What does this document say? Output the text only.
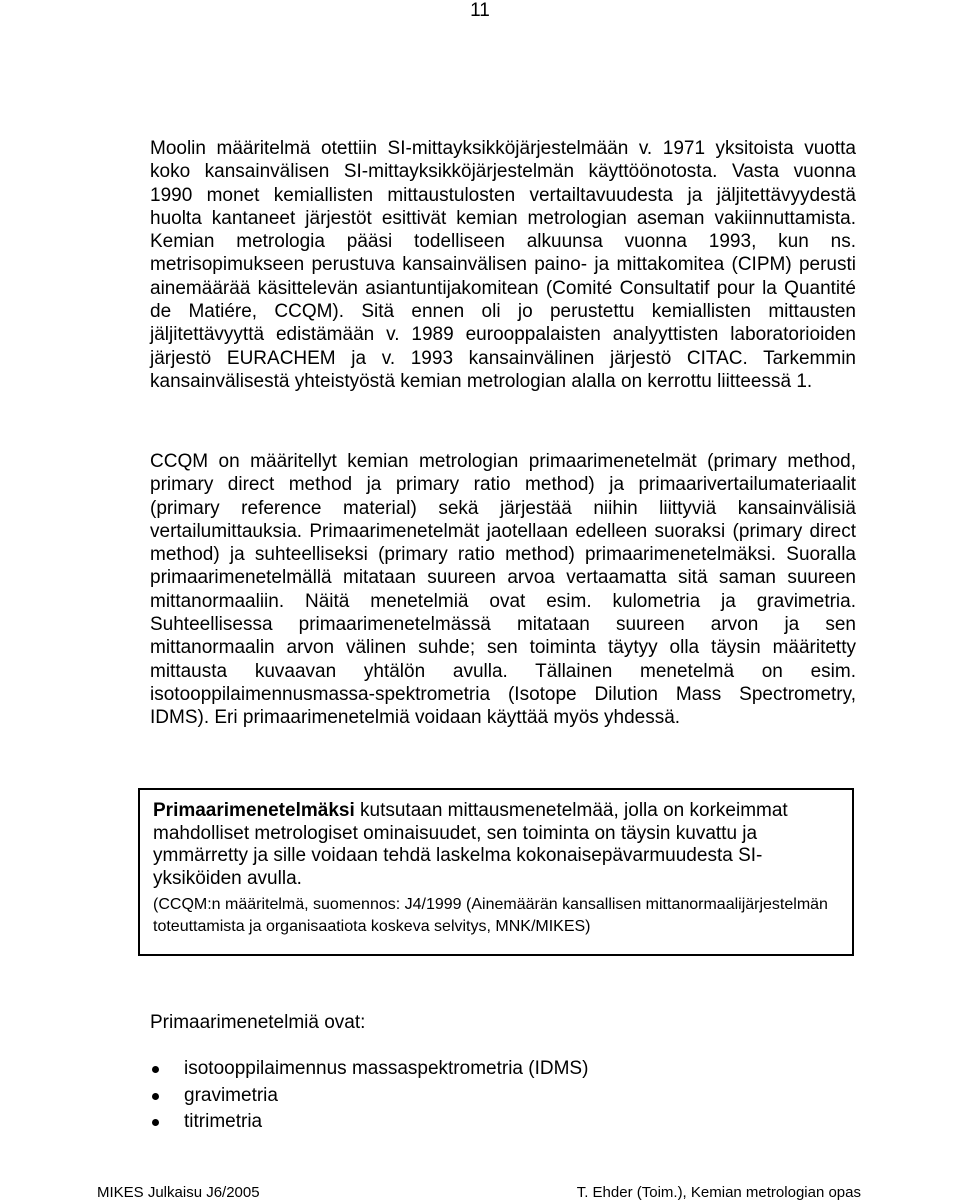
11

Moolin määritelmä otettiin SI-mittayksikköjärjestelmään v. 1971 yksitoista vuotta koko kansainvälisen SI-mittayksikköjärjestelmän käyttöönotosta. Vasta vuonna 1990 monet kemiallisten mittaustulosten vertailtavuudesta ja jäljitettävyydestä huolta kantaneet järjestöt esittivät kemian metrologian aseman vakiinnuttamista. Kemian metrologia pääsi todelliseen alkuunsa vuonna 1993, kun ns. metrisopimukseen perustuva kansainvälisen paino- ja mittakomitea (CIPM) perusti ainemäärää käsittelevän asiantuntijakomitean (Comité Consultatif pour la Quantité de Matiére, CCQM). Sitä ennen oli jo perustettu kemiallisten mittausten jäljitettävyyttä edistämään v. 1989 eurooppalaisten analyyttisten laboratorioiden järjestö EURACHEM ja v. 1993 kansainvälinen järjestö CITAC. Tarkemmin kansainvälisestä yhteistyöstä kemian metrologian alalla on kerrottu liitteessä 1.

CCQM on määritellyt kemian metrologian primaarimenetelmät (primary method, primary direct method ja primary ratio method) ja primaarivertailumateriaalit (primary reference material) sekä järjestää niihin liittyviä kansainvälisiä vertailumittauksia. Primaarimenetelmät jaotellaan edelleen suoraksi (primary direct method) ja suhteelliseksi (primary ratio method) primaarimenetelmäksi. Suoralla primaarimenetelmällä mitataan suureen arvoa vertaamatta sitä saman suureen mittanormaaliin. Näitä menetelmiä ovat esim. kulometria ja gravimetria. Suhteellisessa primaarimenetelmässä mitataan suureen arvon ja sen mittanormaalin arvon välinen suhde; sen toiminta täytyy olla täysin määritetty mittausta kuvaavan yhtälön avulla. Tällainen menetelmä on esim. isotooppilaimennusmassa-spektrometria (Isotope Dilution Mass Spectrometry, IDMS). Eri primaarimenetelmiä voidaan käyttää myös yhdessä.

Primaarimenetelmäksi kutsutaan mittausmenetelmää, jolla on korkeimmat mahdolliset metrologiset ominaisuudet, sen toiminta on täysin kuvattu ja ymmärretty ja sille voidaan tehdä laskelma kokonaisepävarmuudesta SI-yksiköiden avulla.

(CCQM:n määritelmä, suomennos: J4/1999 (Ainemäärän kansallisen mittanormaalijärjestelmän toteuttamista ja organisaatiota koskeva selvitys, MNK/MIKES)

Primaarimenetelmiä ovat:

isotooppilaimennus massaspektrometria (IDMS)
gravimetria
titrimetria
MIKES Julkaisu J6/2005	T. Ehder (Toim.), Kemian metrologian opas
